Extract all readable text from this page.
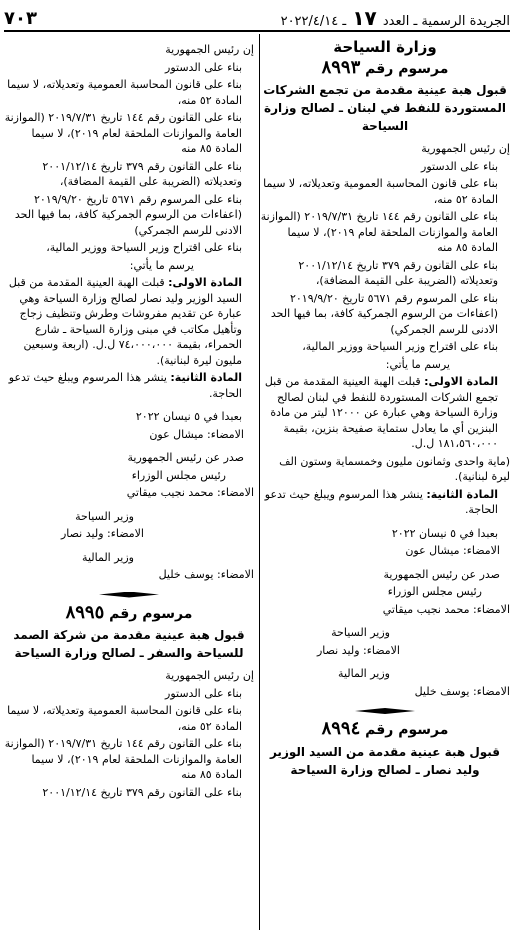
الجريدة الرسمية ـ العدد ١٧ ـ ٢٠٢٢/٤/١٤
٧٠٣
وزارة السياحة
مرسوم رقم ٨٩٩٣
قبول هبة عينية مقدمة من تجمع الشركات المستوردة للنفط في لبنان ـ لصالح وزارة السياحة

إن رئيس الجمهورية

بناء على الدستور

بناء على قانون المحاسبة العمومية وتعديلاته، لا سيما المادة ٥٢ منه،

بناء على القانون رقم ١٤٤ تاريخ ٢٠١٩/٧/٣١ (الموازنة العامة والموازنات الملحقة لعام ٢٠١٩)، لا سيما المادة ٨٥ منه

بناء على القانون رقم ٣٧٩ تاريخ ٢٠٠١/١٢/١٤ وتعديلاته (الضريبة على القيمة المضافة)،

بناء على المرسوم رقم ٥٦٧١ تاريخ ٢٠١٩/٩/٢٠ (اعفاءات من الرسوم الجمركية كافة، بما فيها الحد الادنى للرسم الجمركي)

بناء على اقتراح وزير السياحة ووزير المالية،

يرسم ما يأتي:

المادة الاولى: قبلت الهبة العينية المقدمة من قبل تجمع الشركات المستوردة للنفط في لبنان لصالح وزارة السياحة وهي عبارة عن ١٢٠٠٠ ليتر من مادة البنزين أي ما يعادل ستماية صفيحة بنزين، بقيمة ١٨١،٥٦٠،٠٠٠ ل.ل.

(ماية واحدى وثمانون مليون وخمسماية وستون الف ليرة لبنانية).

المادة الثانية: ينشر هذا المرسوم ويبلغ حيث تدعو الحاجة.

بعبدا في ٥ نيسان ٢٠٢٢

الامضاء: ميشال عون

صدر عن رئيس الجمهورية

رئيس مجلس الوزراء

الامضاء: محمد نجيب ميقاتي

وزير السياحة

الامضاء: وليد نصار

وزير المالية

الامضاء: يوسف خليل

مرسوم رقم ٨٩٩٤
قبول هبة عينية مقدمة من السيد الوزير وليد نصار ـ لصالح وزارة السياحة

إن رئيس الجمهورية

بناء على الدستور

بناء على قانون المحاسبة العمومية وتعديلاته، لا سيما المادة ٥٢ منه،

بناء على القانون رقم ١٤٤ تاريخ ٢٠١٩/٧/٣١ (الموازنة العامة والموازنات الملحقة لعام ٢٠١٩)، لا سيما المادة ٨٥ منه

بناء على القانون رقم ٣٧٩ تاريخ ٢٠٠١/١٢/١٤ وتعديلاته (الضريبة على القيمة المضافة)،

بناء على المرسوم رقم ٥٦٧١ تاريخ ٢٠١٩/٩/٢٠ (اعفاءات من الرسوم الجمركية كافة، بما فيها الحد الادنى للرسم الجمركي)

بناء على اقتراح وزير السياحة ووزير المالية،

يرسم ما يأتي:

المادة الاولى: قبلت الهبة العينية المقدمة من قبل السيد الوزير وليد نصار لصالح وزارة السياحة وهي عبارة عن تقديم مفروشات وطرش وتنظيف زجاج وتأهيل مكاتب في مبنى وزارة السياحة ـ شارع الحمراء، بقيمة ٧٤،٠٠٠،٠٠٠ ل.ل. (اربعة وسبعين مليون ليرة لبنانية).

المادة الثانية: ينشر هذا المرسوم ويبلغ حيث تدعو الحاجة.

بعبدا في ٥ نيسان ٢٠٢٢

الامضاء: ميشال عون

صدر عن رئيس الجمهورية

رئيس مجلس الوزراء

الامضاء: محمد نجيب ميقاتي

وزير السياحة

الامضاء: وليد نصار

وزير المالية

الامضاء: يوسف خليل

مرسوم رقم ٨٩٩٥
قبول هبة عينية مقدمة من شركة الصمد للسياحة والسفر ـ لصالح وزارة السياحة

إن رئيس الجمهورية

بناء على الدستور

بناء على قانون المحاسبة العمومية وتعديلاته، لا سيما المادة ٥٢ منه،

بناء على القانون رقم ١٤٤ تاريخ ٢٠١٩/٧/٣١ (الموازنة العامة والموازنات الملحقة لعام ٢٠١٩)، لا سيما المادة ٨٥ منه

بناء على القانون رقم ٣٧٩ تاريخ ٢٠٠١/١٢/١٤
